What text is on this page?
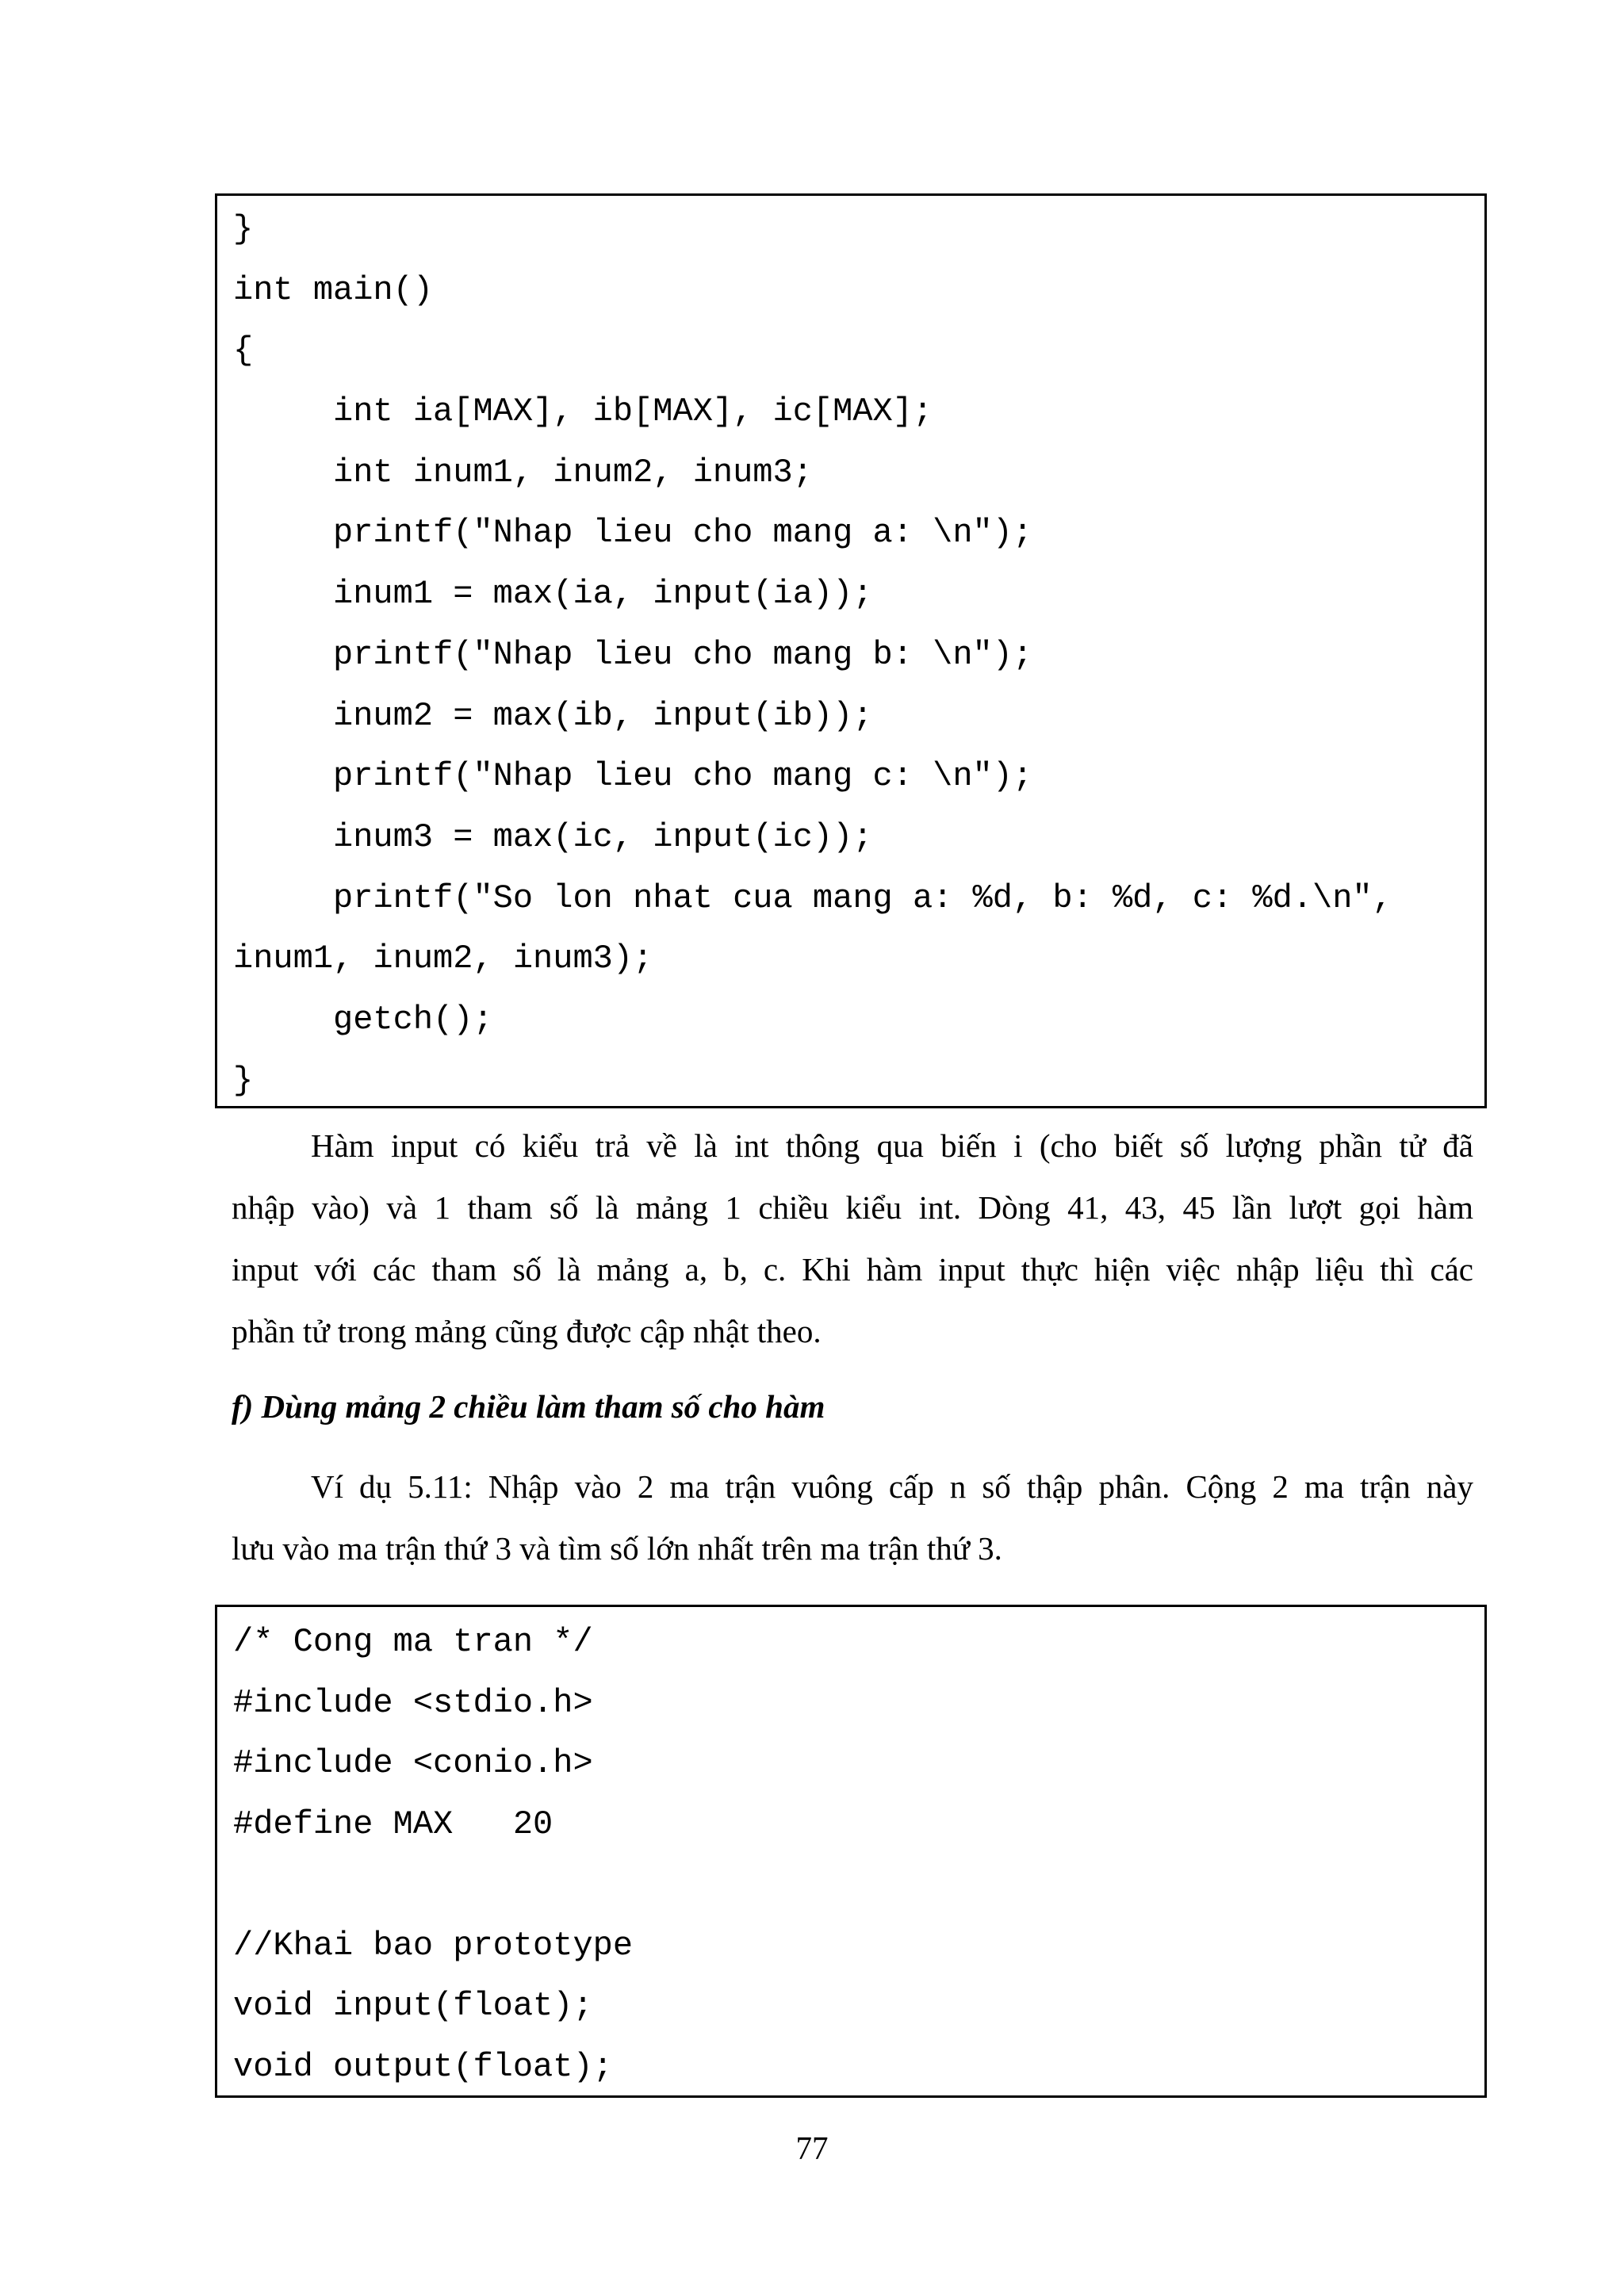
}
int main()
{
int ia[MAX], ib[MAX], ic[MAX];
int inum1, inum2, inum3;
printf("Nhap lieu cho mang a: \n");
inum1 = max(ia, input(ia));
printf("Nhap lieu cho mang b: \n");
inum2 = max(ib, input(ib));
printf("Nhap lieu cho mang c: \n");
inum3 = max(ic, input(ic));
printf("So lon nhat cua mang a: %d, b: %d, c: %d.\n",
inum1, inum2, inum3);
getch();
}
Hàm input có kiểu trả về là int thông qua biến i (cho biết số lượng phần tử đã
nhập vào) và 1 tham số là mảng 1 chiều kiểu int. Dòng 41, 43, 45 lần lượt gọi hàm
input với các tham số là mảng a, b, c. Khi hàm input thực hiện việc nhập liệu thì các
phần tử trong mảng cũng được cập nhật theo.

f) Dùng mảng 2 chiều làm tham số cho hàm

Ví dụ 5.11: Nhập vào 2 ma trận vuông cấp n số thập phân. Cộng 2 ma trận này
lưu vào ma trận thứ 3 và tìm số lớn nhất trên ma trận thứ 3.
/* Cong ma tran */
#include <stdio.h>
#include <conio.h>
#define MAX   20
//Khai bao prototype
void input(float);
void output(float);
77
